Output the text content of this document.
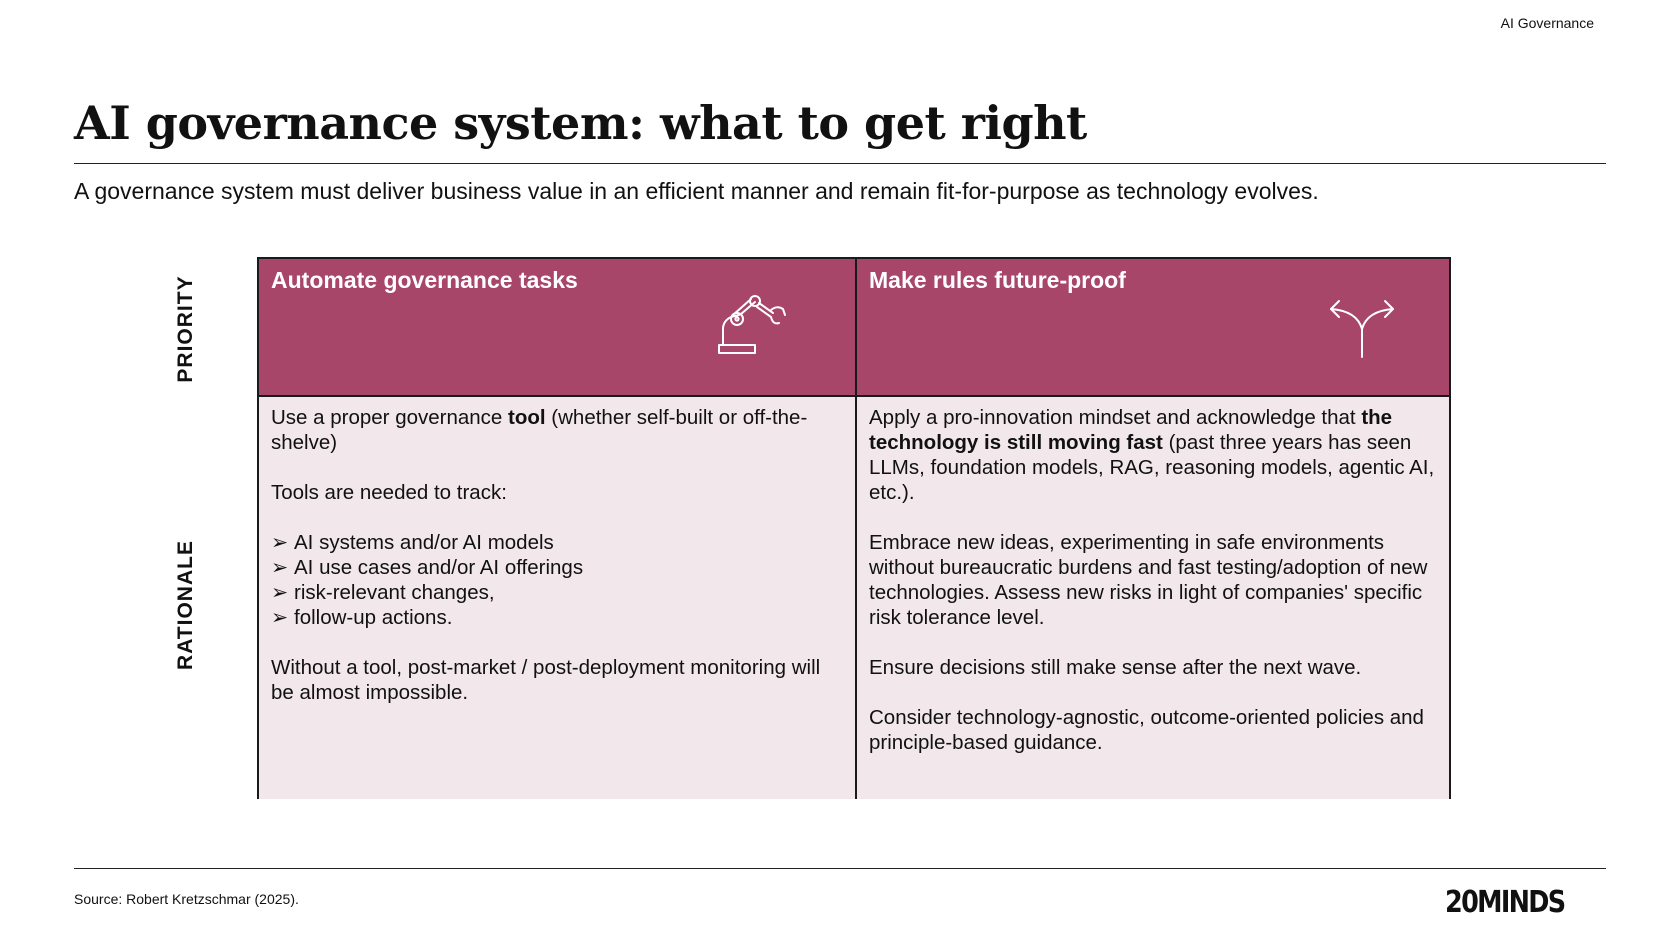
AI Governance
AI governance system: what to get right
A governance system must deliver business value in an efficient manner and remain fit-for-purpose as technology evolves.
PRIORITY
RATIONALE
Automate governance tasks	Make rules future-proof

Use a proper governance tool (whether self-built or off-the-shelve)

Tools are needed to track:

➢ AI systems and/or AI models
➢ AI use cases and/or AI offerings
➢ risk-relevant changes,
➢ follow-up actions.

Without a tool, post-market / post-deployment monitoring will be almost impossible.

Apply a pro-innovation mindset and acknowledge that the technology is still moving fast (past three years has seen LLMs, foundation models, RAG, reasoning models, agentic AI, etc.).

Embrace new ideas, experimenting in safe environments without bureaucratic burdens and fast testing/adoption of new technologies. Assess new risks in light of companies' specific risk tolerance level.

Ensure decisions still make sense after the next wave.

Consider technology-agnostic, outcome-oriented policies and principle-based guidance.

Source: Robert Kretzschmar (2025).	20MINDS
